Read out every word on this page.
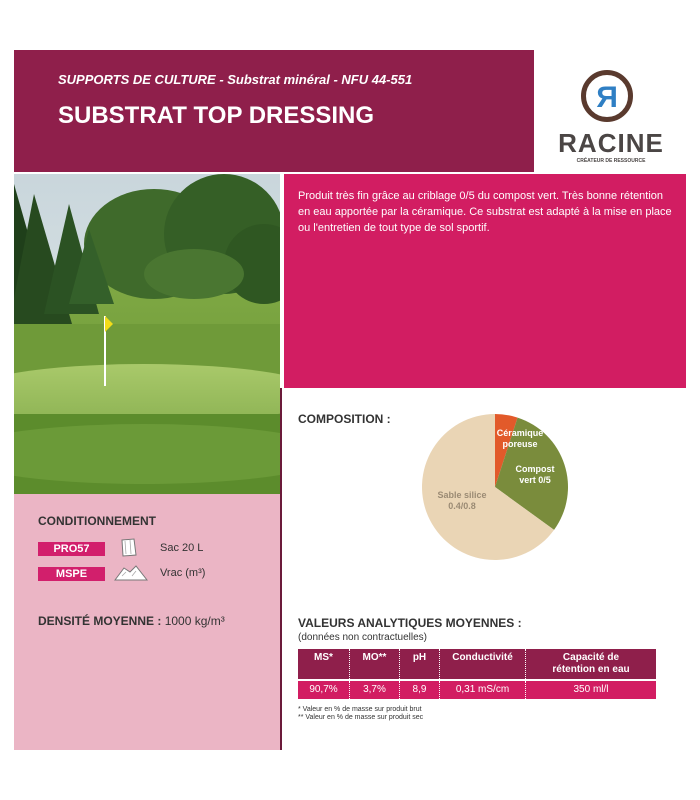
SUPPORTS DE CULTURE - Substrat minéral - NFU 44-551
SUBSTRAT TOP DRESSING
R
RACINE
CRÉATEUR DE RESSOURCE
Produit très fin grâce au criblage 0/5 du compost vert. Très bonne rétention en eau apportée par la céramique. Ce substrat est adapté à la mise en place ou l'entretien de tout type de sol sportif.
CONDITIONNEMENT
PRO57	Sac 20 L
MSPE	Vrac (m³)
DENSITÉ MOYENNE : 1000 kg/m³
COMPOSITION :
Céramique poreuse
Compost vert 0/5
Sable silice 0.4/0.8
VALEURS ANALYTIQUES MOYENNES :
(données non contractuelles)
MS*	MO**	pH	Conductivité	Capacité de
rétention en eau
90,7%	3,7%	8,9	0,31 mS/cm	350 ml/l
* Valeur en % de masse sur produit brut
** Valeur en % de masse sur produit sec
